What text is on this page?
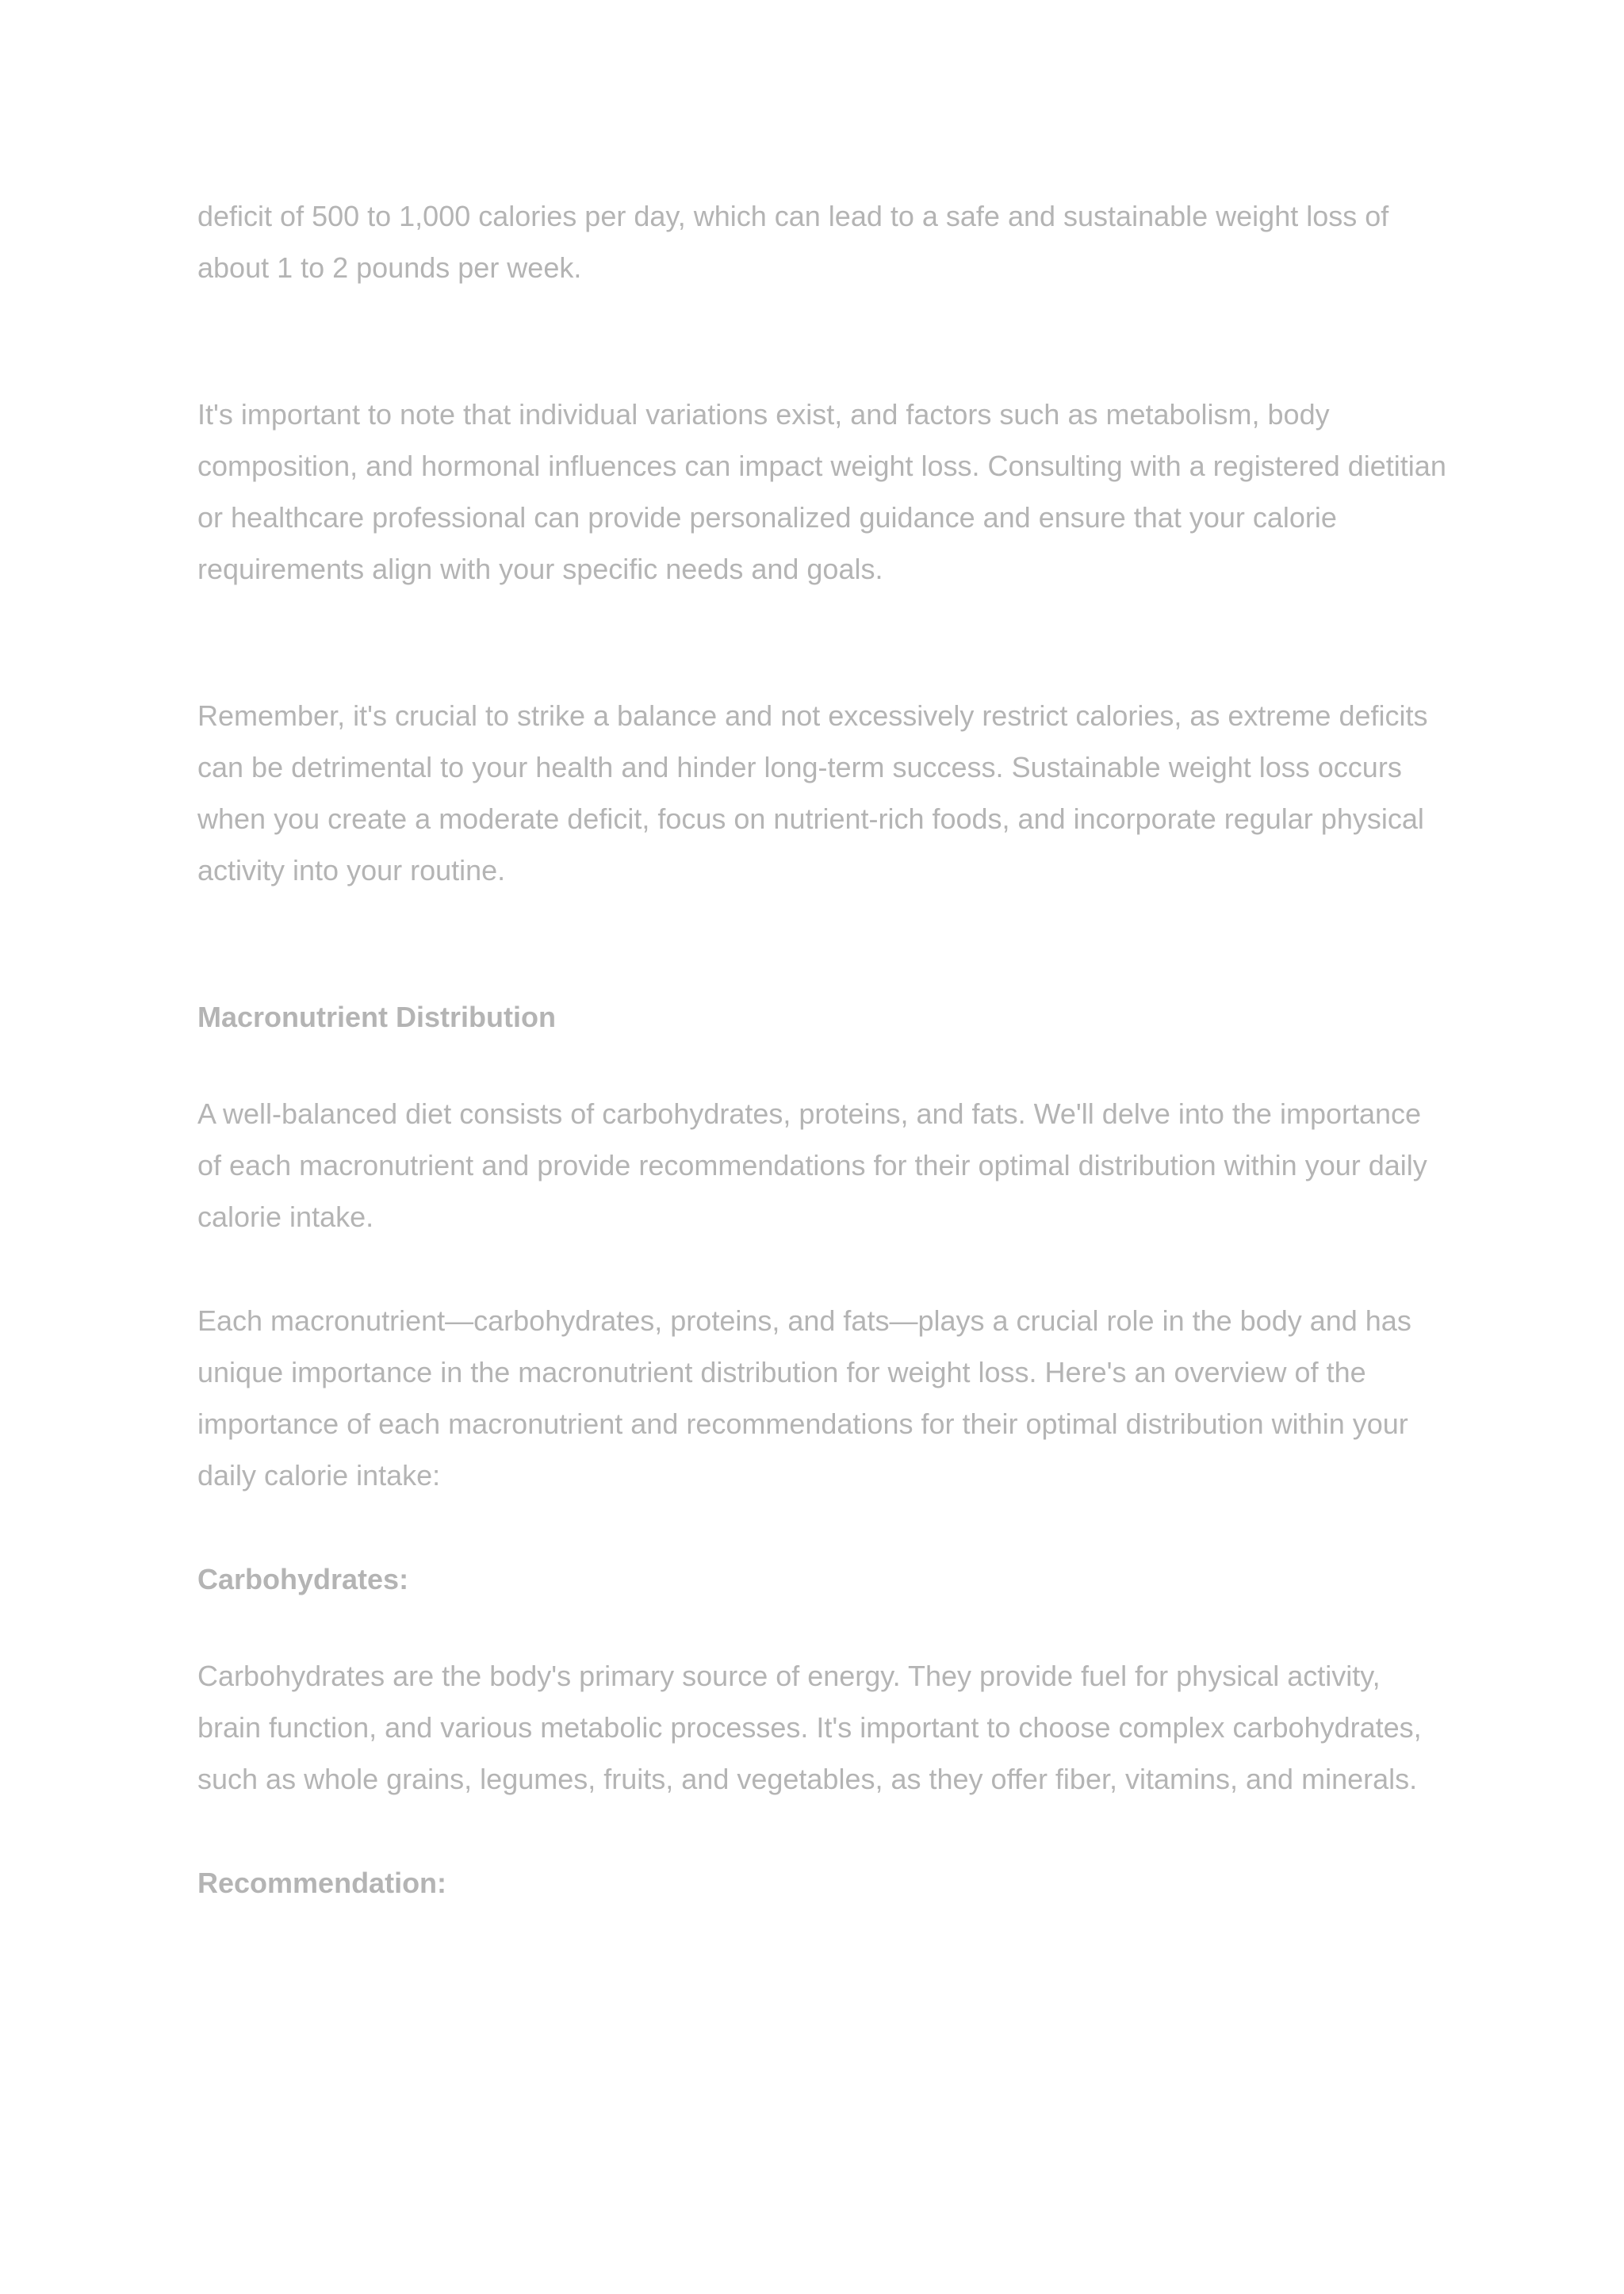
deficit of 500 to 1,000 calories per day, which can lead to a safe and sustainable weight loss of about 1 to 2 pounds per week.

It's important to note that individual variations exist, and factors such as metabolism, body composition, and hormonal influences can impact weight loss. Consulting with a registered dietitian or healthcare professional can provide personalized guidance and ensure that your calorie requirements align with your specific needs and goals.

Remember, it's crucial to strike a balance and not excessively restrict calories, as extreme deficits can be detrimental to your health and hinder long-term success. Sustainable weight loss occurs when you create a moderate deficit, focus on nutrient-rich foods, and incorporate regular physical activity into your routine.

Macronutrient Distribution

A well-balanced diet consists of carbohydrates, proteins, and fats. We'll delve into the importance of each macronutrient and provide recommendations for their optimal distribution within your daily calorie intake.

Each macronutrient—carbohydrates, proteins, and fats—plays a crucial role in the body and has unique importance in the macronutrient distribution for weight loss. Here's an overview of the importance of each macronutrient and recommendations for their optimal distribution within your daily calorie intake:

Carbohydrates:

Carbohydrates are the body's primary source of energy. They provide fuel for physical activity, brain function, and various metabolic processes. It's important to choose complex carbohydrates, such as whole grains, legumes, fruits, and vegetables, as they offer fiber, vitamins, and minerals.

Recommendation:
